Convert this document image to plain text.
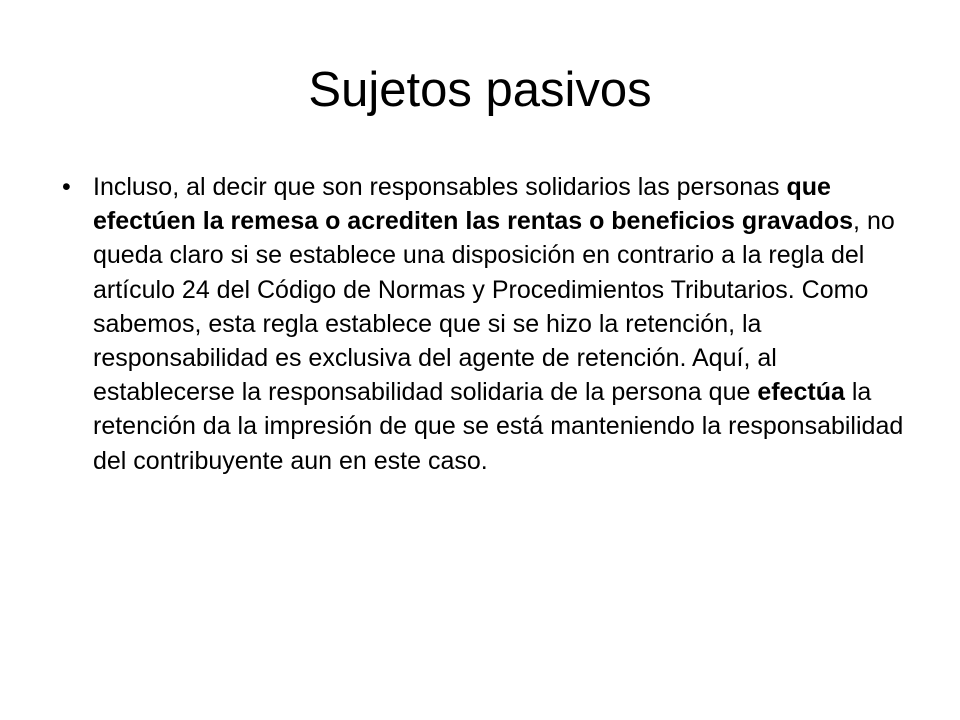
Sujetos pasivos
• Incluso, al decir que son responsables solidarios las personas que efectúen la remesa o acrediten las rentas o beneficios gravados, no queda claro si se establece una disposición en contrario a la regla del artículo 24 del Código de Normas y Procedimientos Tributarios. Como sabemos, esta regla establece que si se hizo la retención, la responsabilidad es exclusiva del agente de retención. Aquí, al establecerse la responsabilidad solidaria de la persona que efectúa la retención da la impresión de que se está manteniendo la responsabilidad del contribuyente aun en este caso.
